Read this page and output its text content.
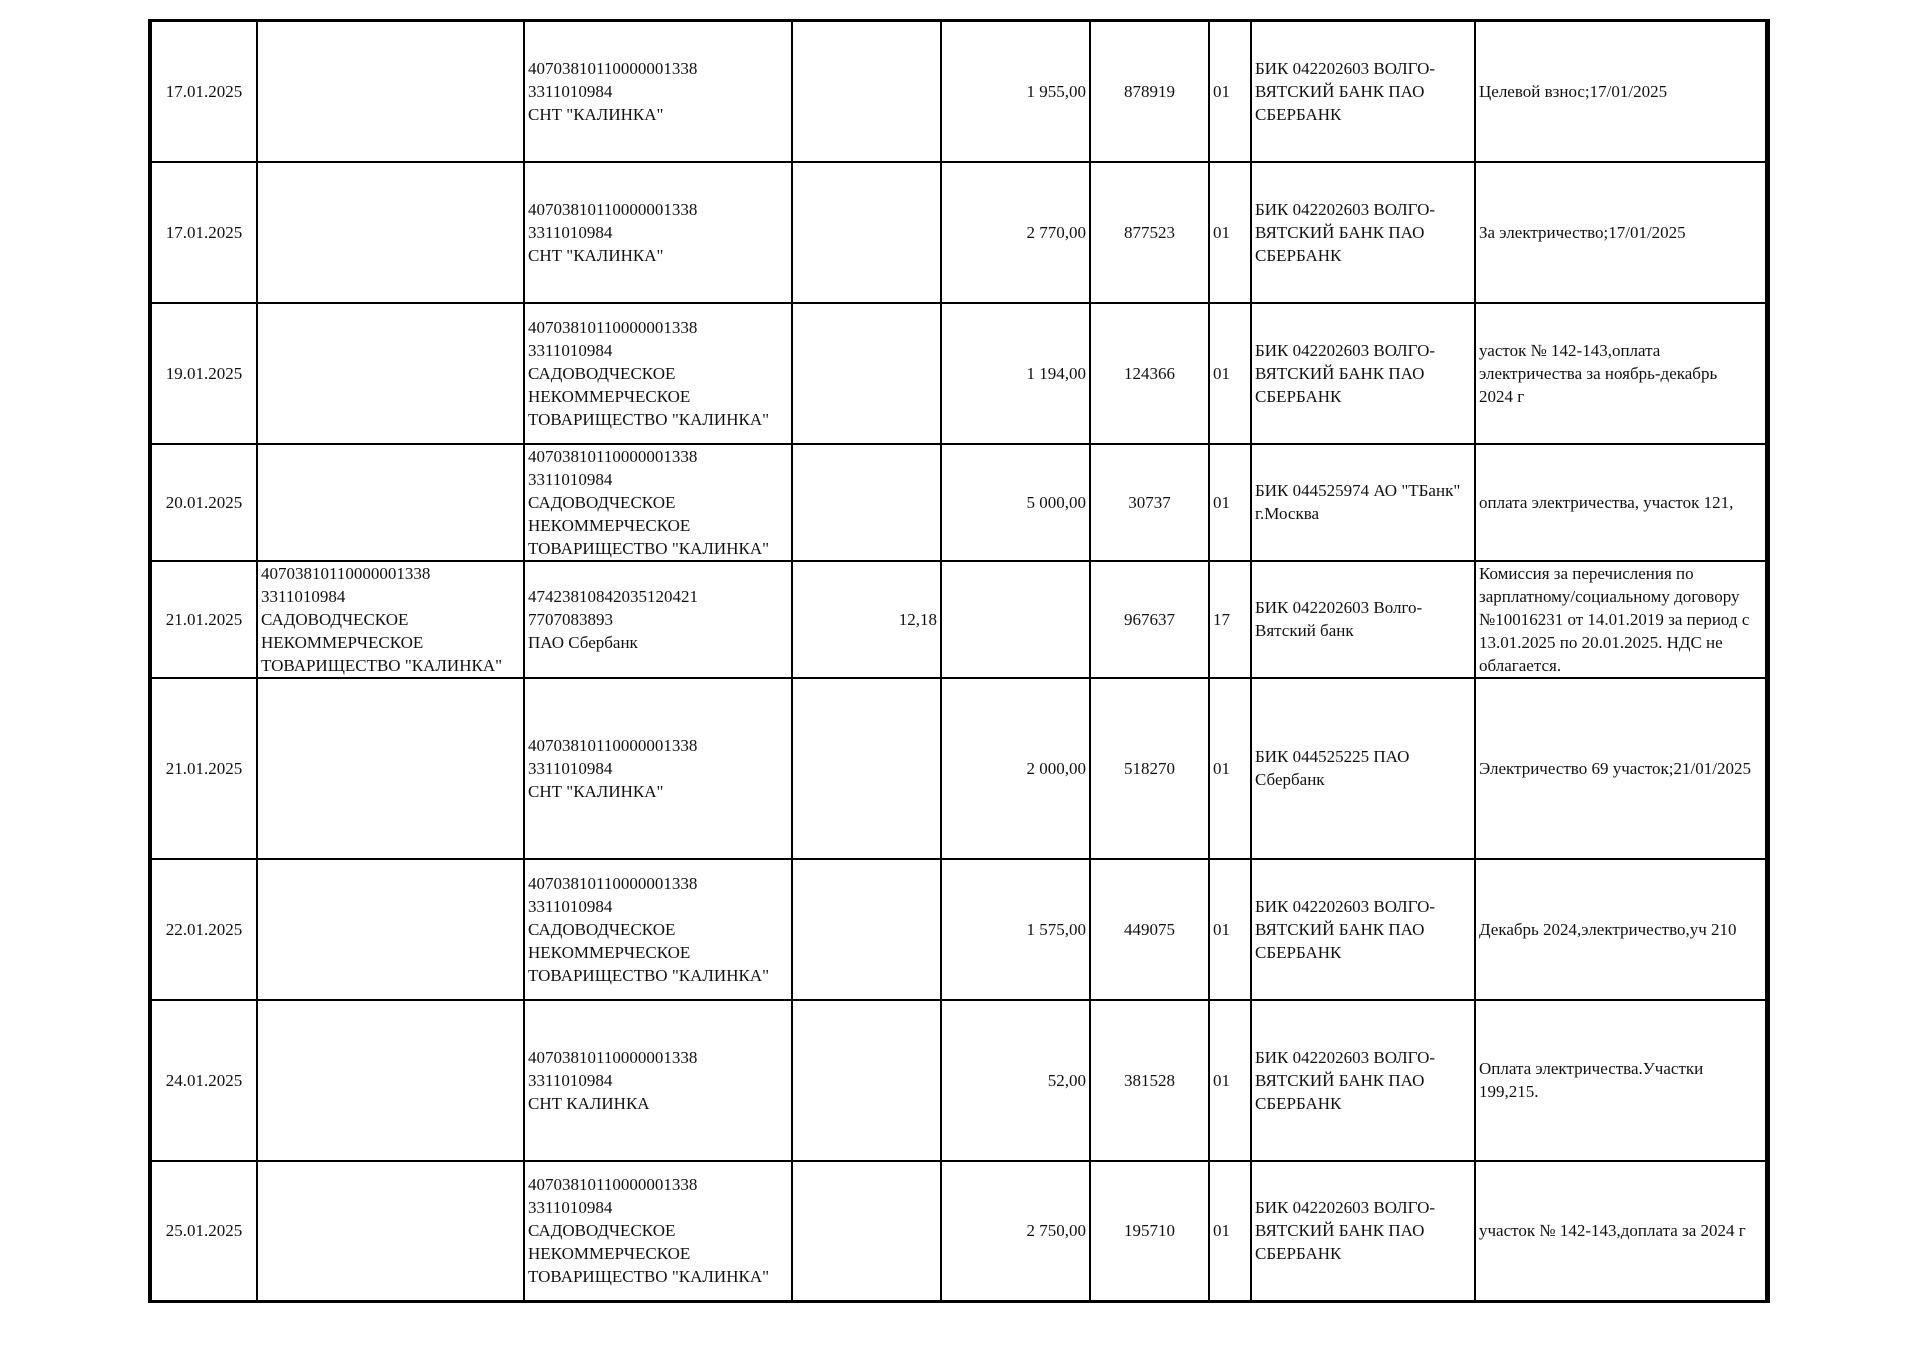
17.01.2025		40703810110000001338
3311010984
СНТ "КАЛИНКА"		1 955,00	878919	01	БИК 042202603 ВОЛГО-
ВЯТСКИЙ БАНК ПАО
СБЕРБАНК	Целевой взнос;17/01/2025

17.01.2025		40703810110000001338
3311010984
СНТ "КАЛИНКА"		2 770,00	877523	01	БИК 042202603 ВОЛГО-
ВЯТСКИЙ БАНК ПАО
СБЕРБАНК	За электричество;17/01/2025

19.01.2025		40703810110000001338
3311010984
САДОВОДЧЕСКОЕ
НЕКОММЕРЧЕСКОЕ
ТОВАРИЩЕСТВО "КАЛИНКА"		1 194,00	124366	01	БИК 042202603 ВОЛГО-
ВЯТСКИЙ БАНК ПАО
СБЕРБАНК	уасток № 142-143,оплата
электричества за ноябрь-декабрь
2024 г

20.01.2025		40703810110000001338
3311010984
САДОВОДЧЕСКОЕ
НЕКОММЕРЧЕСКОЕ
ТОВАРИЩЕСТВО "КАЛИНКА"		5 000,00	30737	01	БИК 044525974 АО "ТБанк"
г.Москва	оплата электричества, участок 121,

21.01.2025	40703810110000001338
3311010984
САДОВОДЧЕСКОЕ
НЕКОММЕРЧЕСКОЕ
ТОВАРИЩЕСТВО "КАЛИНКА"	47423810842035120421
7707083893
ПАО Сбербанк	12,18		967637	17	БИК 042202603 Волго-
Вятский банк	Комиссия за перечисления по
зарплатному/социальному договору
№10016231 от 14.01.2019 за период с
13.01.2025 по 20.01.2025. НДС не
облагается.

21.01.2025		40703810110000001338
3311010984
СНТ "КАЛИНКА"		2 000,00	518270	01	БИК 044525225 ПАО
Сбербанк	Электричество 69 участок;21/01/2025

22.01.2025		40703810110000001338
3311010984
САДОВОДЧЕСКОЕ
НЕКОММЕРЧЕСКОЕ
ТОВАРИЩЕСТВО "КАЛИНКА"		1 575,00	449075	01	БИК 042202603 ВОЛГО-
ВЯТСКИЙ БАНК ПАО
СБЕРБАНК	Декабрь 2024,электричество,уч 210

24.01.2025		40703810110000001338
3311010984
СНТ КАЛИНКА		52,00	381528	01	БИК 042202603 ВОЛГО-
ВЯТСКИЙ БАНК ПАО
СБЕРБАНК	Оплата электричества.Участки
199,215.

25.01.2025		40703810110000001338
3311010984
САДОВОДЧЕСКОЕ
НЕКОММЕРЧЕСКОЕ
ТОВАРИЩЕСТВО "КАЛИНКА"		2 750,00	195710	01	БИК 042202603 ВОЛГО-
ВЯТСКИЙ БАНК ПАО
СБЕРБАНК	участок № 142-143,доплата за 2024 г
